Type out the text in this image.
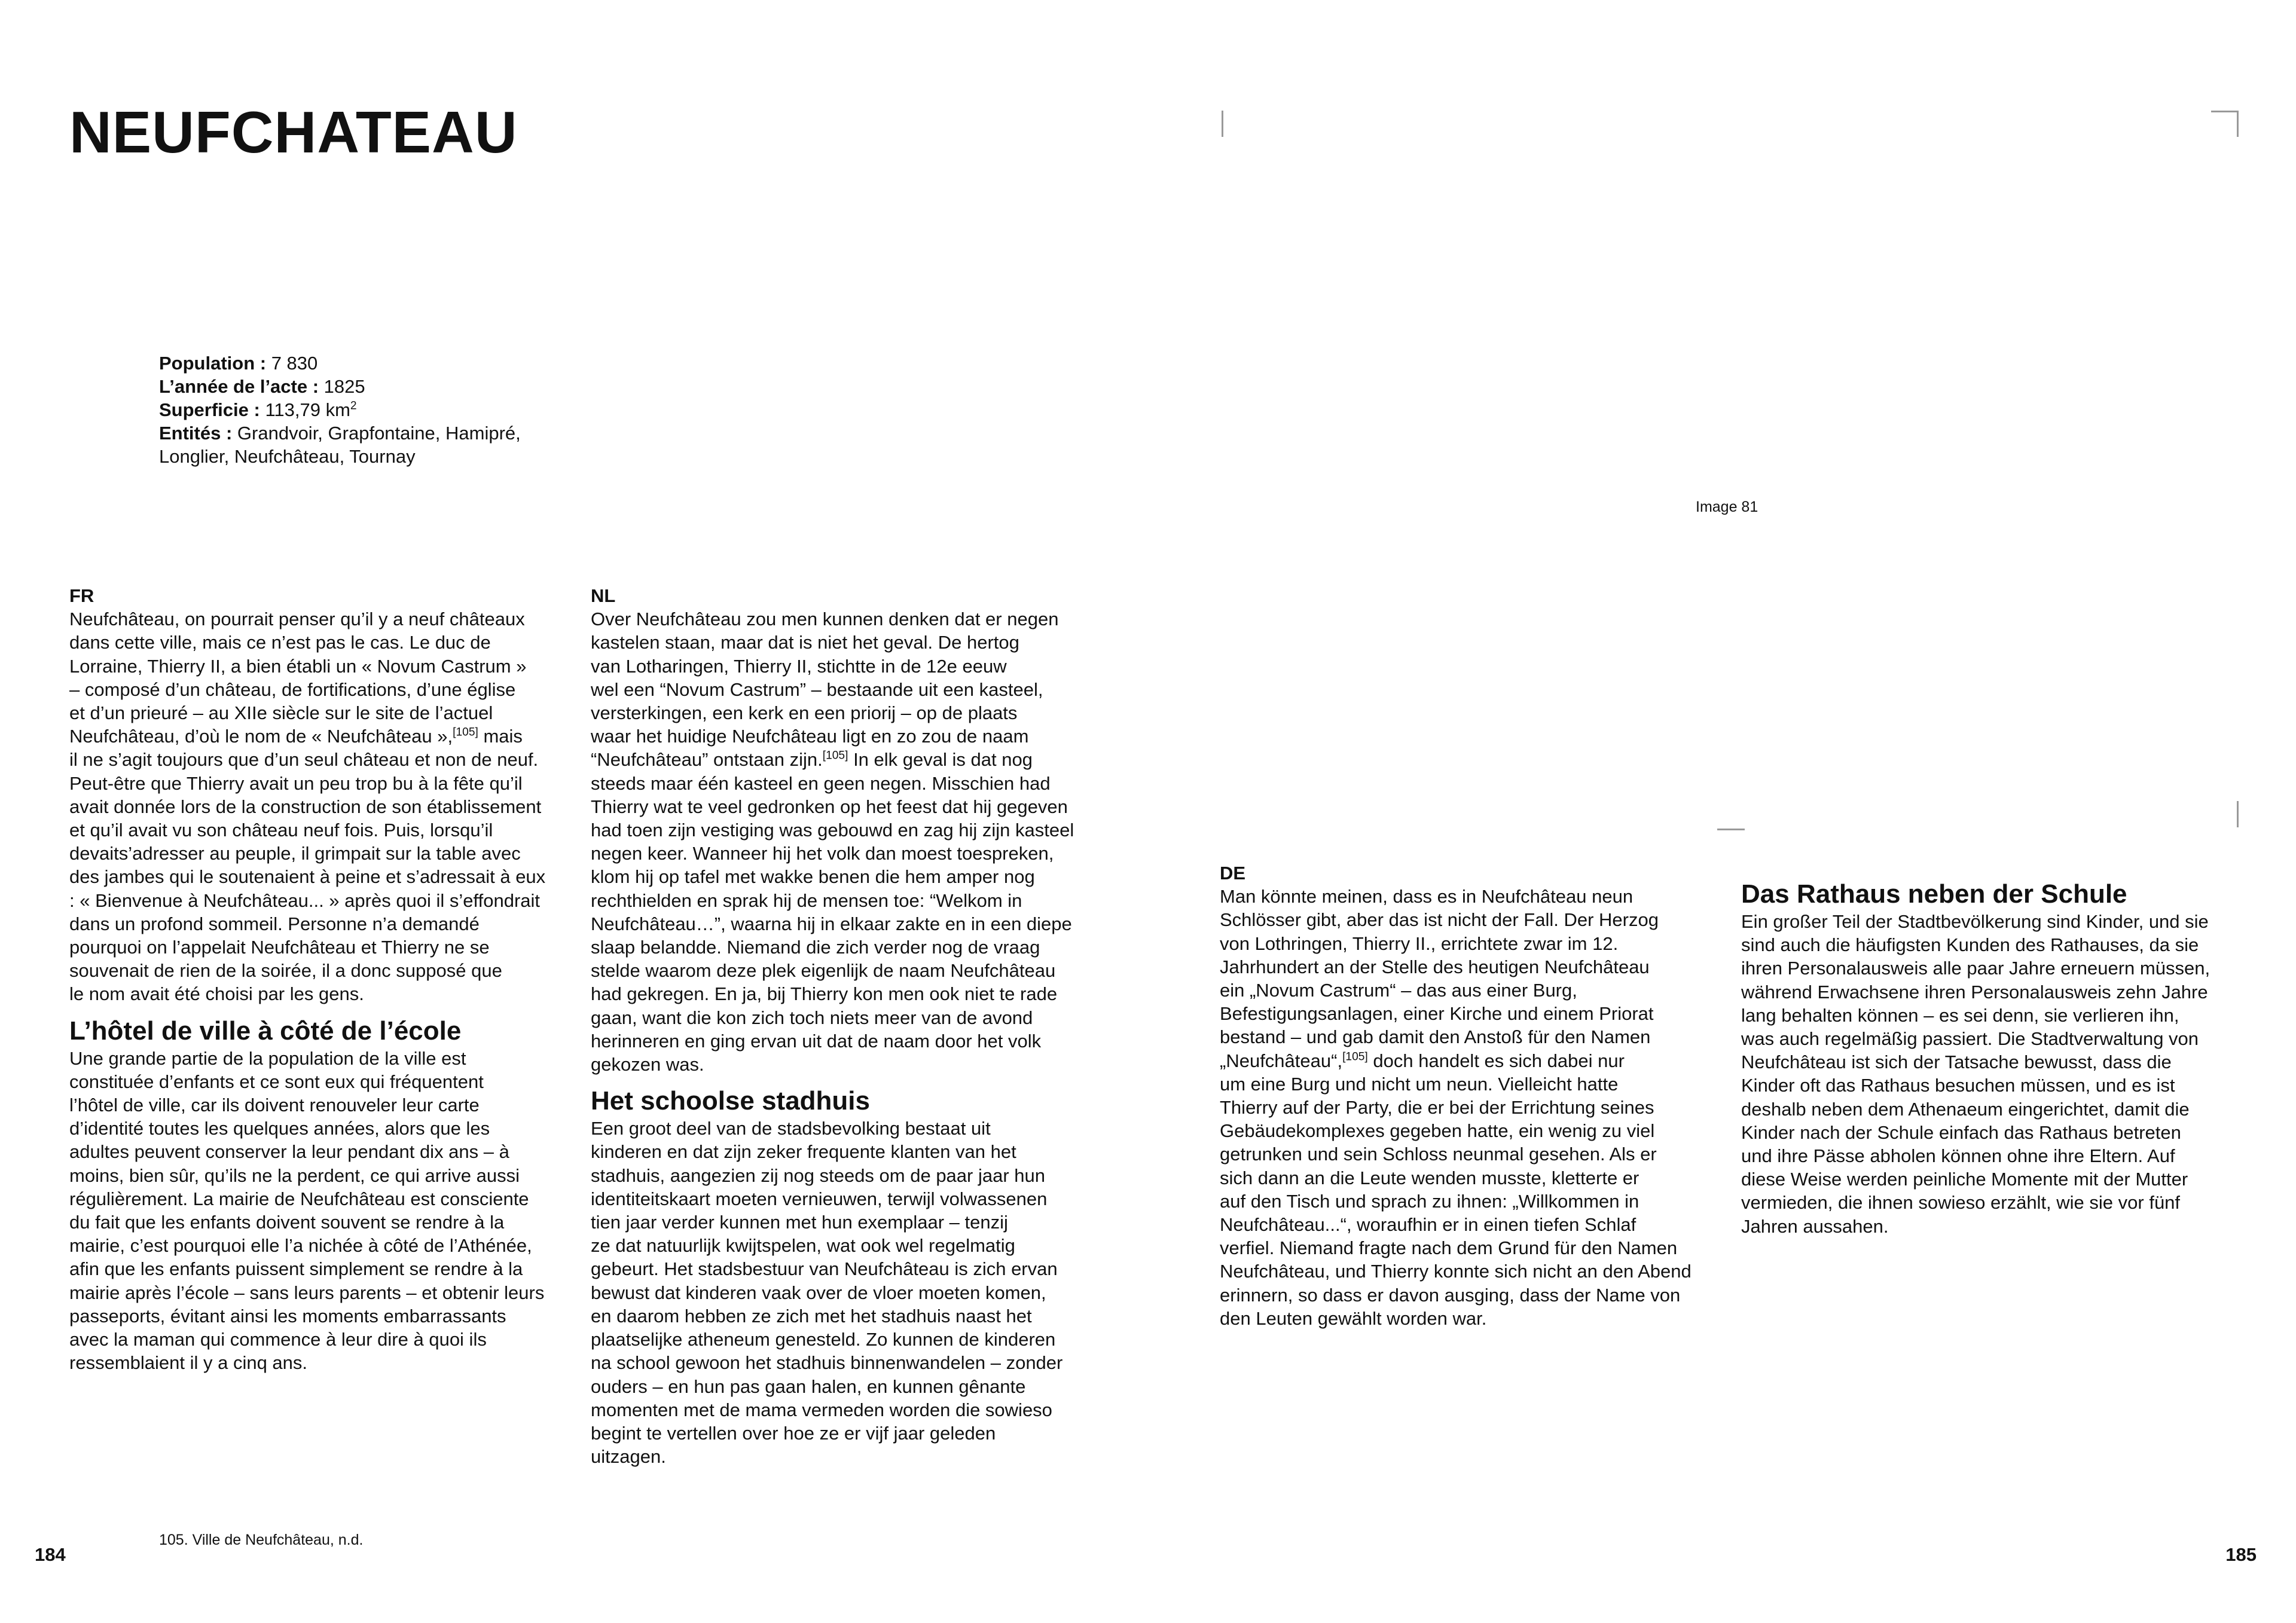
NEUFCHATEAU
Population : 7 830
L’année de l’acte : 1825
Superficie : 113,79 $km^2$
Entités : Grandvoir, Grapfontaine, Hamipré, Longlier, Neufchâteau, Tournay
FR
Neufchâteau, on pourrait penser qu’il y a neuf châteaux
dans cette ville, mais ce n’est pas le cas. Le duc de
Lorraine, Thierry II, a bien établi un « Novum Castrum »
– composé d’un château, de fortifications, d’une église
et d’un prieuré – au XIIe siècle sur le site de l’actuel
Neufchâteau, d’où le nom de « Neufchâteau »,[105] mais
il ne s’agit toujours que d’un seul château et non de neuf.
Peut-être que Thierry avait un peu trop bu à la fête qu’il
avait donnée lors de la construction de son établissement
et qu’il avait vu son château neuf fois. Puis, lorsqu’il
devaits’adresser au peuple, il grimpait sur la table avec
des jambes qui le soutenaient à peine et s’adressait à eux
: « Bienvenue à Neufchâteau... » après quoi il s’effondrait
dans un profond sommeil. Personne n’a demandé
pourquoi on l’appelait Neufchâteau et Thierry ne se
souvenait de rien de la soirée, il a donc supposé que
le nom avait été choisi par les gens.
L’hôtel de ville à côté de l’école
Une grande partie de la population de la ville est
constituée d’enfants et ce sont eux qui fréquentent
l’hôtel de ville, car ils doivent renouveler leur carte
d’identité toutes les quelques années, alors que les
adultes peuvent conserver la leur pendant dix ans – à
moins, bien sûr, qu’ils ne la perdent, ce qui arrive aussi
régulièrement. La mairie de Neufchâteau est consciente
du fait que les enfants doivent souvent se rendre à la
mairie, c’est pourquoi elle l’a nichée à côté de l’Athénée,
afin que les enfants puissent simplement se rendre à la
mairie après l’école – sans leurs parents – et obtenir leurs
passeports, évitant ainsi les moments embarrassants
avec la maman qui commence à leur dire à quoi ils
ressemblaient il y a cinq ans.
NL
Over Neufchâteau zou men kunnen denken dat er negen
kastelen staan, maar dat is niet het geval. De hertog
van Lotharingen, Thierry II, stichtte in de 12e eeuw
wel een “Novum Castrum” – bestaande uit een kasteel,
versterkingen, een kerk en een priorij – op de plaats
waar het huidige Neufchâteau ligt en zo zou de naam
“Neufchâteau” ontstaan zijn.[105] In elk geval is dat nog
steeds maar één kasteel en geen negen. Misschien had
Thierry wat te veel gedronken op het feest dat hij gegeven
had toen zijn vestiging was gebouwd en zag hij zijn kasteel
negen keer. Wanneer hij het volk dan moest toespreken,
klom hij op tafel met wakke benen die hem amper nog
rechthielden en sprak hij de mensen toe: “Welkom in
Neufchâteau…”, waarna hij in elkaar zakte en in een diepe
slaap belandde. Niemand die zich verder nog de vraag
stelde waarom deze plek eigenlijk de naam Neufchâteau
had gekregen. En ja, bij Thierry kon men ook niet te rade
gaan, want die kon zich toch niets meer van de avond
herinneren en ging ervan uit dat de naam door het volk
gekozen was.
Het schoolse stadhuis
Een groot deel van de stadsbevolking bestaat uit
kinderen en dat zijn zeker frequente klanten van het
stadhuis, aangezien zij nog steeds om de paar jaar hun
identiteitskaart moeten vernieuwen, terwijl volwassenen
tien jaar verder kunnen met hun exemplaar – tenzij
ze dat natuurlijk kwijtspelen, wat ook wel regelmatig
gebeurt. Het stadsbestuur van Neufchâteau is zich ervan
bewust dat kinderen vaak over de vloer moeten komen,
en daarom hebben ze zich met het stadhuis naast het
plaatselijke atheneum genesteld. Zo kunnen de kinderen
na school gewoon het stadhuis binnenwandelen – zonder
ouders – en hun pas gaan halen, en kunnen gênante
momenten met de mama vermeden worden die sowieso
begint te vertellen over hoe ze er vijf jaar geleden
uitzagen.
DE
Man könnte meinen, dass es in Neufchâteau neun
Schlösser gibt, aber das ist nicht der Fall. Der Herzog
von Lothringen, Thierry II., errichtete zwar im 12.
Jahrhundert an der Stelle des heutigen Neufchâteau
ein „Novum Castrum“ – das aus einer Burg,
Befestigungsanlagen, einer Kirche und einem Priorat
bestand – und gab damit den Anstoß für den Namen
„Neufchâteau“,[105] doch handelt es sich dabei nur
um eine Burg und nicht um neun. Vielleicht hatte
Thierry auf der Party, die er bei der Errichtung seines
Gebäudekomplexes gegeben hatte, ein wenig zu viel
getrunken und sein Schloss neunmal gesehen. Als er
sich dann an die Leute wenden musste, kletterte er
auf den Tisch und sprach zu ihnen: „Willkommen in
Neufchâteau...“, woraufhin er in einen tiefen Schlaf
verfiel. Niemand fragte nach dem Grund für den Namen
Neufchâteau, und Thierry konnte sich nicht an den Abend
erinnern, so dass er davon ausging, dass der Name von
den Leuten gewählt worden war.
Das Rathaus neben der Schule
Ein großer Teil der Stadtbevölkerung sind Kinder, und sie
sind auch die häufigsten Kunden des Rathauses, da sie
ihren Personalausweis alle paar Jahre erneuern müssen,
während Erwachsene ihren Personalausweis zehn Jahre
lang behalten können – es sei denn, sie verlieren ihn,
was auch regelmäßig passiert. Die Stadtverwaltung von
Neufchâteau ist sich der Tatsache bewusst, dass die
Kinder oft das Rathaus besuchen müssen, und es ist
deshalb neben dem Athenaeum eingerichtet, damit die
Kinder nach der Schule einfach das Rathaus betreten
und ihre Pässe abholen können ohne ihre Eltern. Auf
diese Weise werden peinliche Momente mit der Mutter
vermieden, die ihnen sowieso erzählt, wie sie vor fünf
Jahren aussahen.
Image 81
105. Ville de Neufchâteau, n.d.
184	185
